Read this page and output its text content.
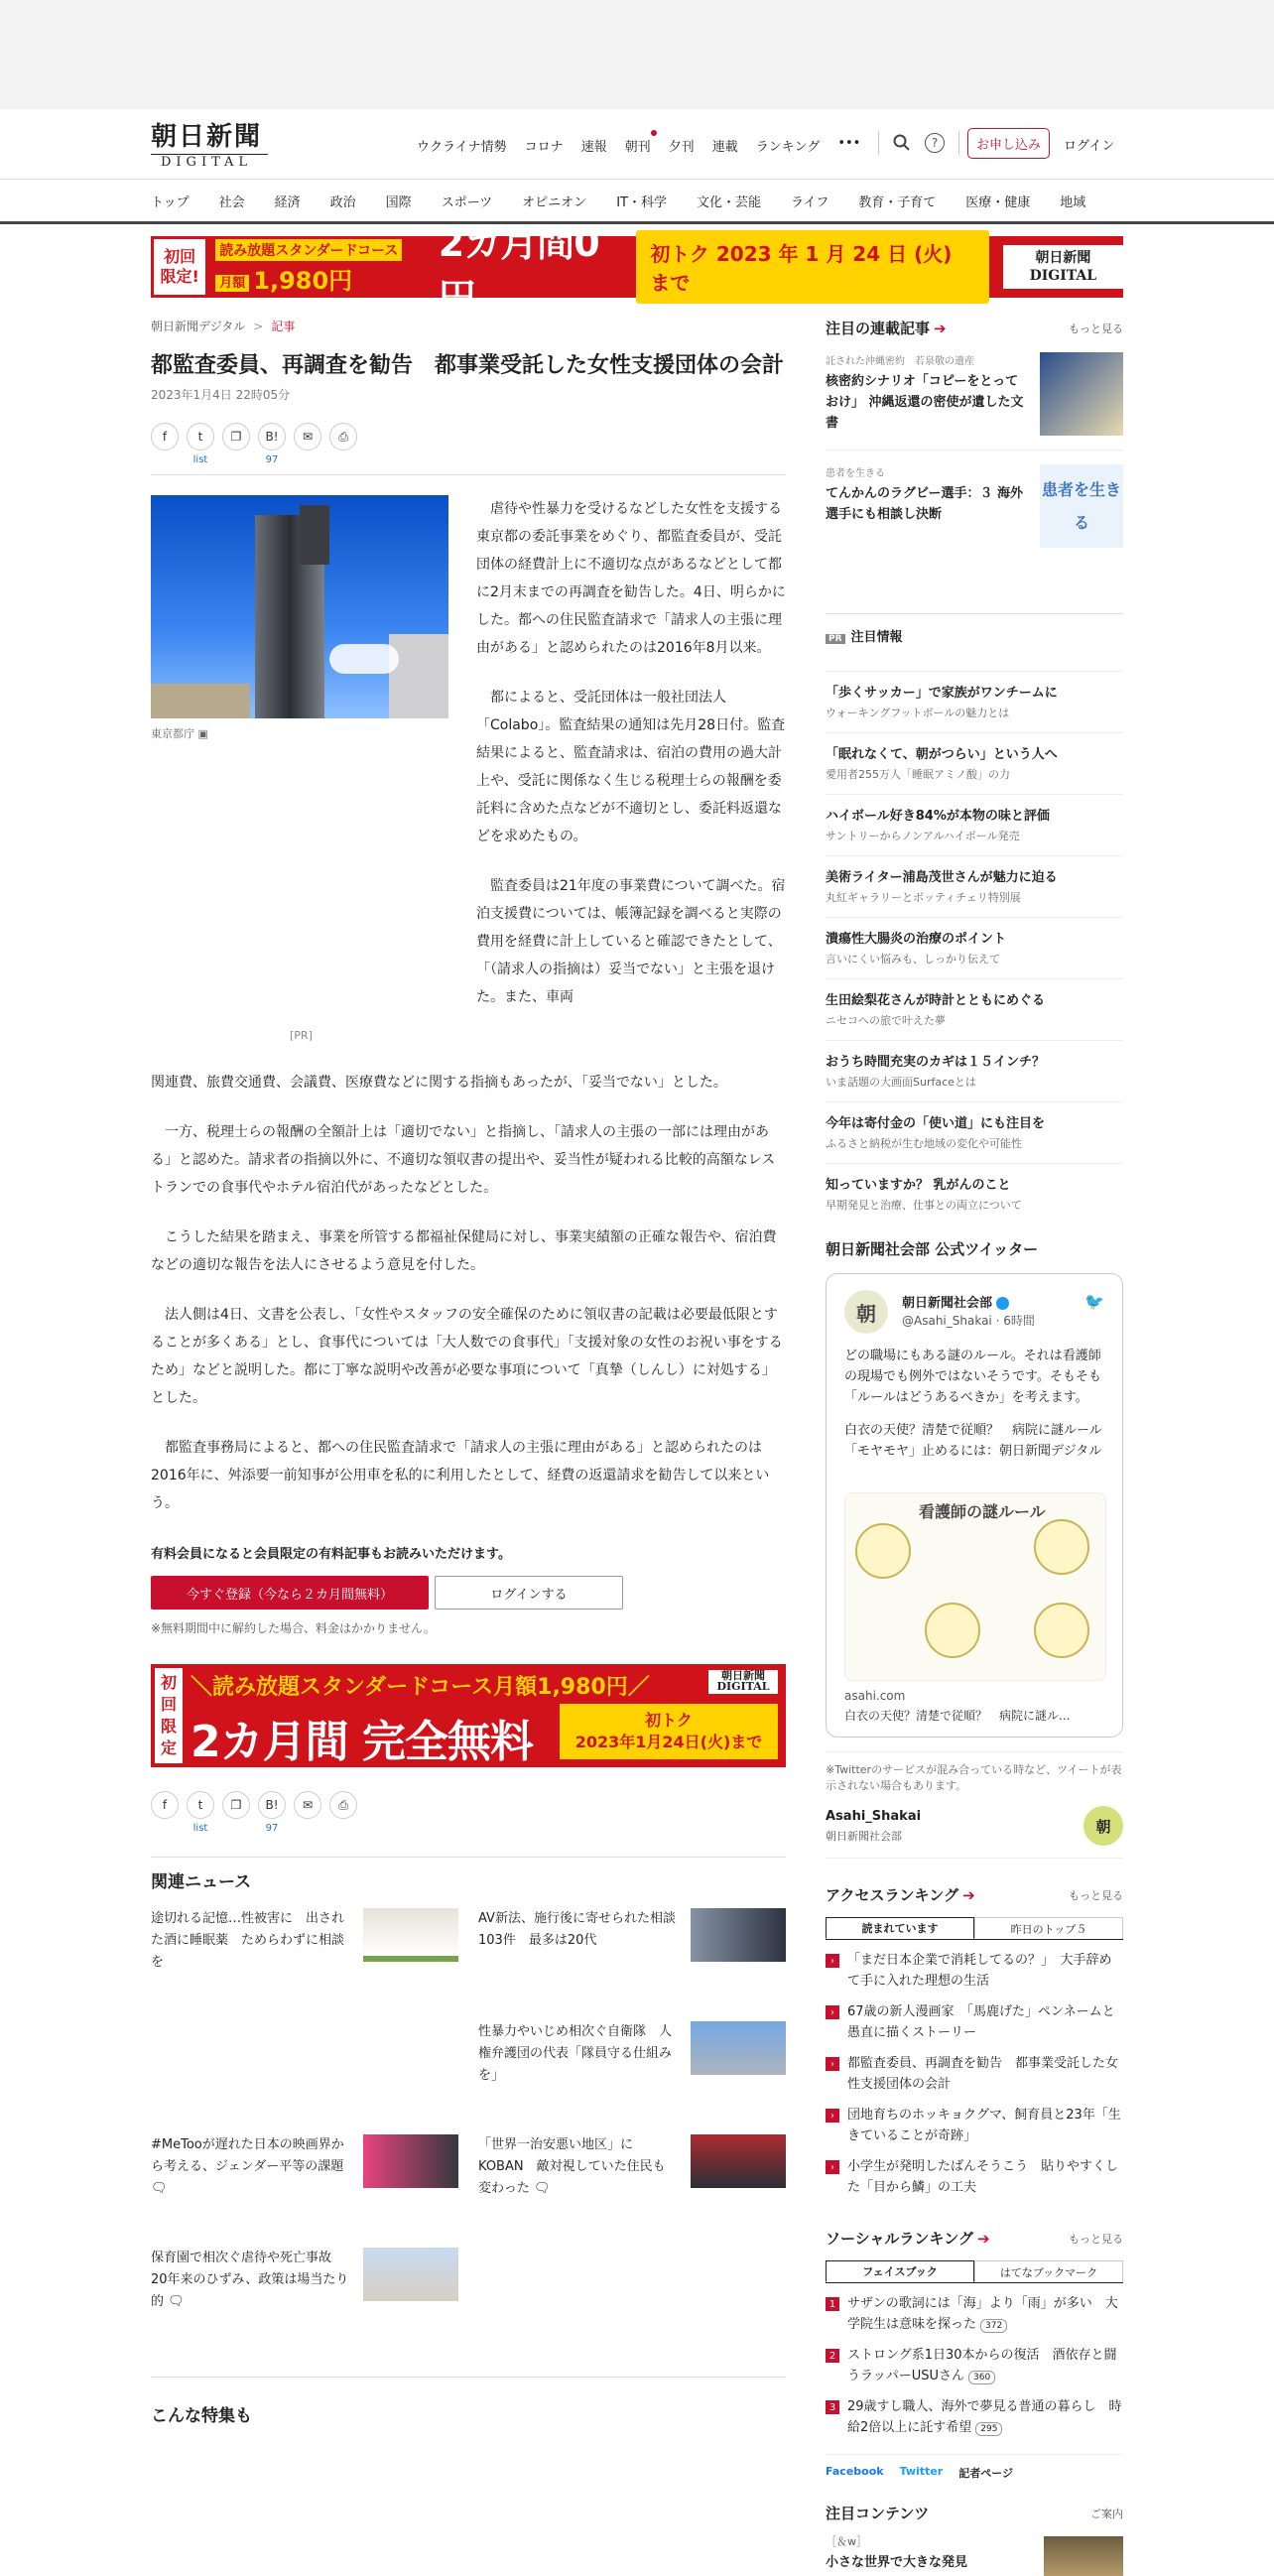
朝日新聞
DIGITAL
ウクライナ情勢 コロナ 速報 朝刊 夕刊 連載 ランキング •••	?	お申し込み	ログイン
トップ 社会 経済 政治 国際 スポーツ オピニオン IT・科学 文化・芸能 ライフ 教育・子育て 医療・健康 地域
初回
限定!
読み放題スタンダードコース
月額 1,980円
2カ月間0円
初トク 2023 年 1 月 24 日 (火) まで
朝日新聞
DIGITAL
朝日新聞デジタル > 記事
都監査委員、再調査を勧告　都事業受託した女性支援団体の会計
2023年1月4日 22時05分
f	t
list
❐ B!
97
✉ ⎙
東京都庁 ▣
[PR]

虐待や性暴力を受けるなどした女性を支援する東京都の委託事業をめぐり、都監査委員が、受託団体の経費計上に不適切な点があるなどとして都に2月末までの再調査を勧告した。4日、明らかにした。都への住民監査請求で「請求人の主張に理由がある」と認められたのは2016年8月以来。

都によると、受託団体は一般社団法人「Colabo」。監査結果の通知は先月28日付。監査結果によると、監査請求は、宿泊の費用の過大計上や、受託に関係なく生じる税理士らの報酬を委託料に含めた点などが不適切とし、委託料返還などを求めたもの。

監査委員は21年度の事業費について調べた。宿泊支援費については、帳簿記録を調べると実際の費用を経費に計上していると確認できたとして、「（請求人の指摘は）妥当でない」と主張を退けた。また、車両

関連費、旅費交通費、会議費、医療費などに関する指摘もあったが、「妥当でない」とした。

一方、税理士らの報酬の全額計上は「適切でない」と指摘し、「請求人の主張の一部には理由がある」と認めた。請求者の指摘以外に、不適切な領収書の提出や、妥当性が疑われる比較的高額なレストランでの食事代やホテル宿泊代があったなどとした。

こうした結果を踏まえ、事業を所管する都福祉保健局に対し、事業実績額の正確な報告や、宿泊費などの適切な報告を法人にさせるよう意見を付した。

法人側は4日、文書を公表し、「女性やスタッフの安全確保のために領収書の記載は必要最低限とすることが多くある」とし、食事代については「大人数での食事代」「支援対象の女性のお祝い事をするため」などと説明した。都に丁寧な説明や改善が必要な事項について「真摯（しんし）に対処する」とした。

都監査事務局によると、都への住民監査請求で「請求人の主張に理由がある」と認められたのは2016年に、舛添要一前知事が公用車を私的に利用したとして、経費の返還請求を勧告して以来という。

有料会員になると会員限定の有料記事もお読みいただけます。
今すぐ登録（今なら２カ月間無料）	ログインする
※無料期間中に解約した場合、料金はかかりません。
初回限定
＼読み放題スタンダードコース月額1,980円／
2カ月間 完全無料
朝日新聞 DIGITAL
初トク
2023年1月24日(火)まで
f	t
list
❐ B!
97
✉ ⎙
関連ニュース
途切れる記憶…性被害に　出された酒に睡眠薬　ためらわずに相談を
AV新法、施行後に寄せられた相談103件　最多は20代
性暴力やいじめ相次ぐ自衛隊　人権弁護団の代表「隊員守る仕組みを」
#MeTooが遅れた日本の映画界から考える、ジェンダー平等の課題 🗨
「世界一治安悪い地区」にKOBAN　敵対視していた住民も変わった 🗨
保育園で相次ぐ虐待や死亡事故　20年来のひずみ、政策は場当たり的 🗨
こんな特集も
注目の連載記事 ➔	もっと見る
託された沖縄密約　若泉敬の遺産
核密約シナリオ「コピーをとっておけ」 沖縄返還の密使が遺した文書
患者を生きる
てんかんのラグビー選手：３ 海外選手にも相談し決断
患者を生きる
PR 注目情報
「歩くサッカー」で家族がワンチームに
ウォーキングフットボールの魅力とは
「眠れなくて、朝がつらい」という人へ
愛用者255万人「睡眠アミノ酸」の力
ハイボール好き84%が本物の味と評価
サントリーからノンアルハイボール発売
美術ライター浦島茂世さんが魅力に迫る
丸紅ギャラリーとボッティチェリ特別展
潰瘍性大腸炎の治療のポイント
言いにくい悩みも、しっかり伝えて
生田絵梨花さんが時計とともにめぐる
ニセコへの旅で叶えた夢
おうち時間充実のカギは１５インチ？
いま話題の大画面Surfaceとは
今年は寄付金の「使い道」にも注目を
ふるさと納税が生む地域の変化や可能性
知っていますか？ 乳がんのこと
早期発見と治療、仕事との両立について
朝日新聞社会部 公式ツイッター
朝	朝日新聞社会部
@Asahi_Shakai · 6時間
🐦

どの職場にもある謎のルール。それは看護師の現場でも例外ではないそうです。そもそも「ルールはどうあるべきか」を考えます。

白衣の天使？清楚で従順？　病院に謎ルール「モヤモヤ」止めるには：朝日新聞デジタル

看護師の謎ルール
asahi.com
白衣の天使？清楚で従順？　病院に謎ル...
※Twitterのサービスが混み合っている時など、ツイートが表示されない場合もあります。
Asahi_Shakai
朝日新聞社会部
朝
アクセスランキング ➔	もっと見る
読まれています	昨日のトップ５
›	「まだ日本企業で消耗してるの？」　大手辞めて手に入れた理想の生活
›	67歳の新人漫画家　「馬鹿げた」ペンネームと愚直に描くストーリー
›	都監査委員、再調査を勧告　都事業受託した女性支援団体の会計
›	団地育ちのホッキョクグマ、飼育員と23年「生きていることが奇跡」
›	小学生が発明したばんそうこう　貼りやすくした「目から鱗」の工夫
ソーシャルランキング ➔	もっと見る
フェイスブック	はてなブックマーク
1 サザンの歌詞には「海」より「雨」が多い　大学院生は意味を探った 372
2 ストロング系1日30本からの復活　酒依存と闘うラッパーUSUさん 360
3 29歳すし職人、海外で夢見る普通の暮らし　時給2倍以上に託す希望 295
Facebook Twitter 記者ページ
注目コンテンツ	ご案内
［＆w］
小さな世界で大きな発見
